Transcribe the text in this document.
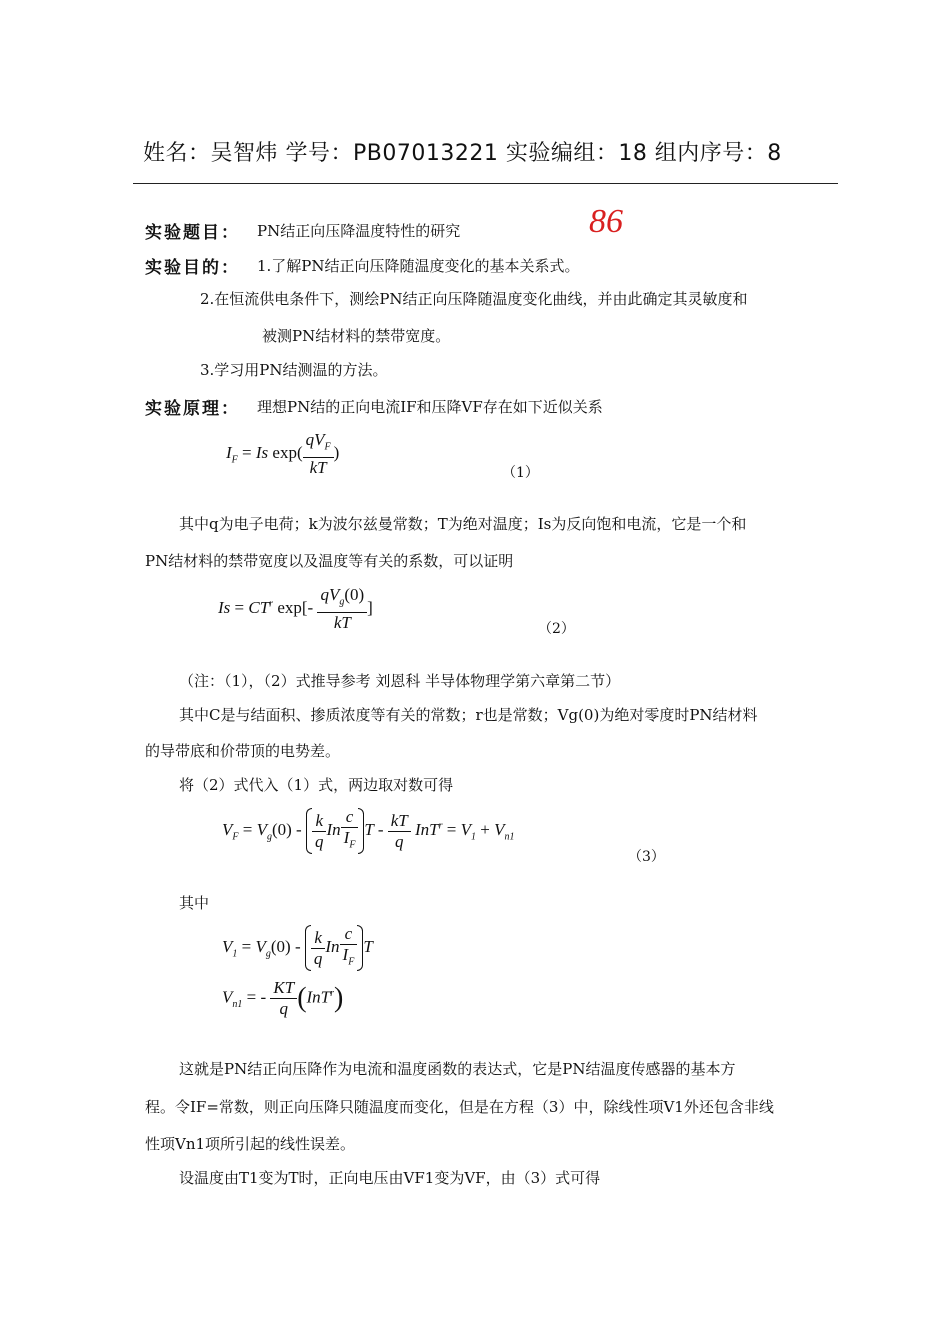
姓名：吴智炜 学号：PB07013221 实验编组：18 组内序号：8
实验题目： PN结正向压降温度特性的研究	86
实验目的： 1.了解PN结正向压降随温度变化的基本关系式。
2.在恒流供电条件下，测绘PN结正向压降随温度变化曲线，并由此确定其灵敏度和
被测PN结材料的禁带宽度。
3.学习用PN结测温的方法。
实验原理： 理想PN结的正向电流IF和压降VF存在如下近似关系
$I_F = Is$ $\exp( \frac{qV_F}{kT}$ )
（1）
其中q为电子电荷；k为波尔兹曼常数；T为绝对温度；Is为反向饱和电流，它是一个和
PN结材料的禁带宽度以及温度等有关的系数，可以证明
$Is = CT^r$ $\exp[- \frac{qV_g(0)}{kT}$ ]
（2）
（注：（1），（2）式推导参考 刘恩科 半导体物理学第六章第二节）
其中C是与结面积、掺质浓度等有关的常数；r也是常数；Vg(0)为绝对零度时PN结材料
的导带底和价带顶的电势差。
将（2）式代入（1）式，两边取对数可得
$V_F = V_g(0) - \frac{k}{q}$ In $\frac{c}{I_F}$ $T - \frac{kT}{q} InT^r = V_1 + V_{n1}$
（3）
其中
$V_1 = V_g(0) - \frac{k}{q}$ In $\frac{c}{I_F}$ T
$V_{n1}$ = - $\frac{KT}{q} (InT^r)$
这就是PN结正向压降作为电流和温度函数的表达式，它是PN结温度传感器的基本方
程。令IF=常数，则正向压降只随温度而变化，但是在方程（3）中，除线性项V1外还包含非线
性项Vn1项所引起的线性误差。
设温度由T1变为T时，正向电压由VF1变为VF，由（3）式可得
